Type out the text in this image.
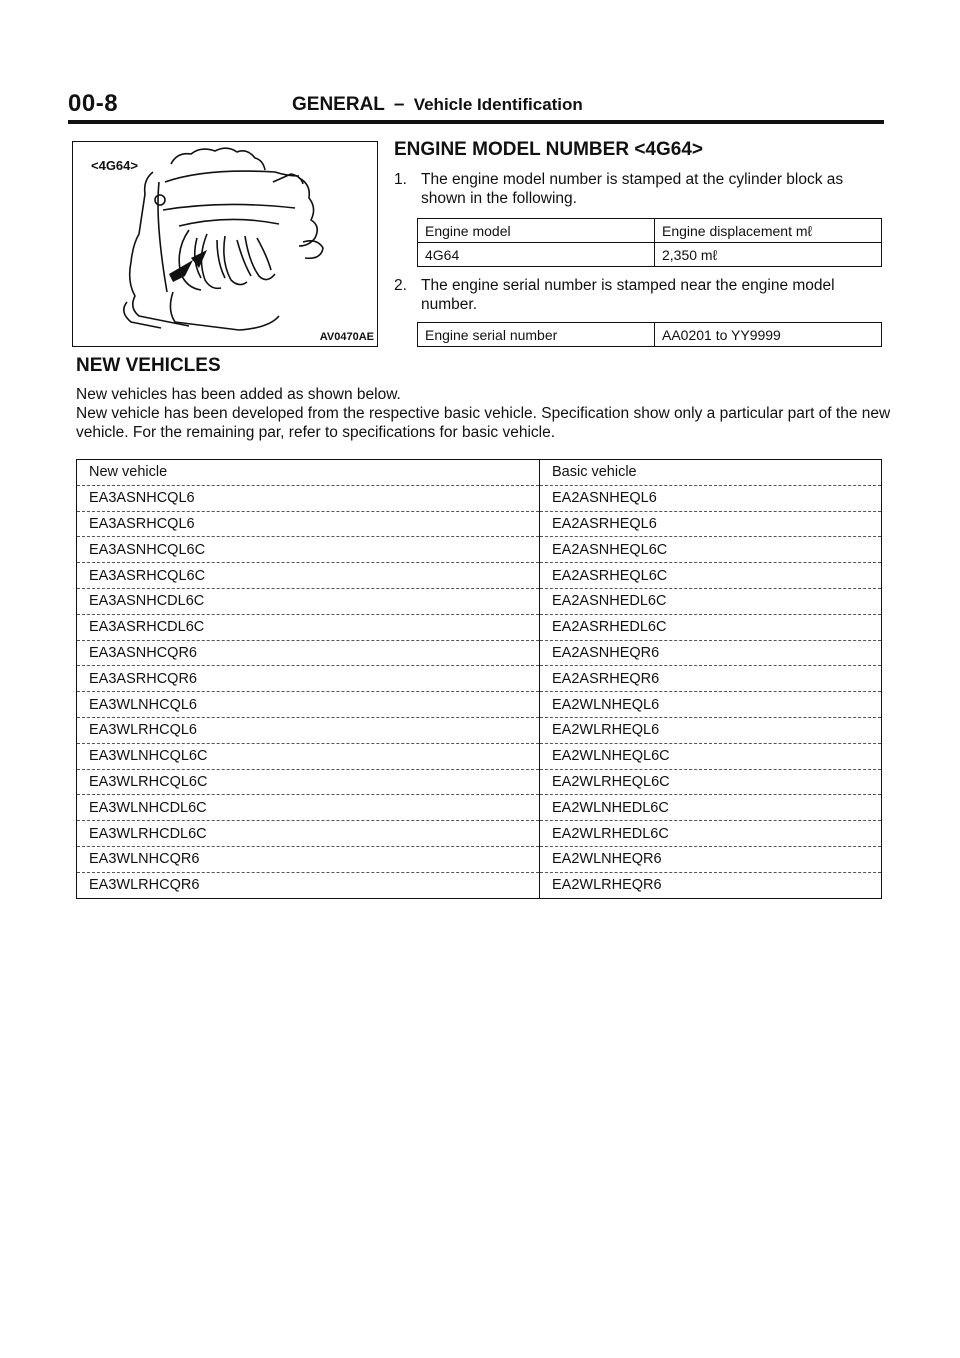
00-8	GENERAL – Vehicle Identification
<4G64>
AV0470AE
ENGINE MODEL NUMBER <4G64>
1. The engine model number is stamped at the cylinder block as shown in the following.
Engine model	Engine displacement mℓ
4G64	2,350 mℓ
2. The engine serial number is stamped near the engine model number.
Engine serial number	AA0201 to YY9999
NEW VEHICLES
New vehicles has been added as shown below.
New vehicle has been developed from the respective basic vehicle. Specification show only a particular part of the new vehicle. For the remaining par, refer to specifications for basic vehicle.
New vehicle	Basic vehicle
EA3ASNHCQL6	EA2ASNHEQL6
EA3ASRHCQL6	EA2ASRHEQL6
EA3ASNHCQL6C	EA2ASNHEQL6C
EA3ASRHCQL6C	EA2ASRHEQL6C
EA3ASNHCDL6C	EA2ASNHEDL6C
EA3ASRHCDL6C	EA2ASRHEDL6C
EA3ASNHCQR6	EA2ASNHEQR6
EA3ASRHCQR6	EA2ASRHEQR6
EA3WLNHCQL6	EA2WLNHEQL6
EA3WLRHCQL6	EA2WLRHEQL6
EA3WLNHCQL6C	EA2WLNHEQL6C
EA3WLRHCQL6C	EA2WLRHEQL6C
EA3WLNHCDL6C	EA2WLNHEDL6C
EA3WLRHCDL6C	EA2WLRHEDL6C
EA3WLNHCQR6	EA2WLNHEQR6
EA3WLRHCQR6	EA2WLRHEQR6
